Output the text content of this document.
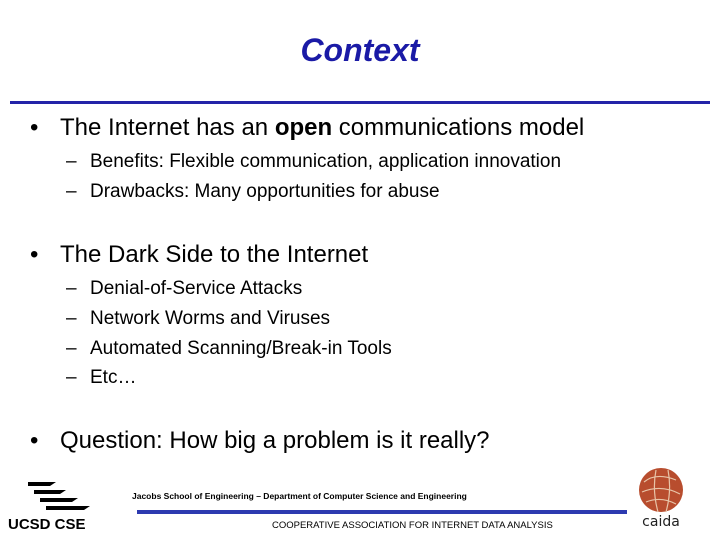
Context
• The Internet has an open communications model
– Benefits: Flexible communication, application innovation
– Drawbacks: Many opportunities for abuse
• The Dark Side to the Internet
– Denial-of-Service Attacks
– Network Worms and Viruses
– Automated Scanning/Break-in Tools
– Etc…
• Question: How big a problem is it really?
UCSD CSE
Jacobs School of Engineering – Department of Computer Science and Engineering
COOPERATIVE ASSOCIATION FOR INTERNET DATA ANALYSIS	caida
